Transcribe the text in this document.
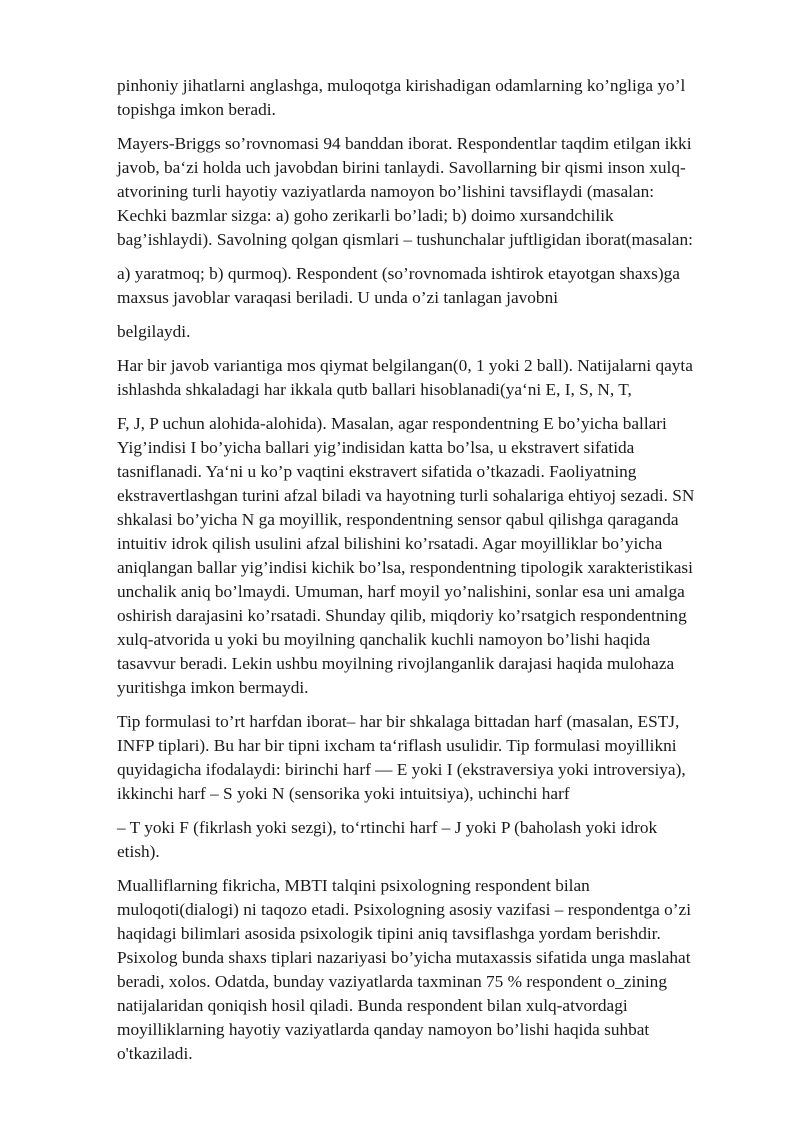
pinhoniy jihatlarni anglashga, muloqotga kirishadigan odamlarning ko’ngliga yo’l
topishga imkon beradi.

Mayers-Briggs so’rovnomasi 94 banddan iborat. Respondentlar taqdim etilgan ikki
javob, ba‘zi holda uch javobdan birini tanlaydi. Savollarning bir qismi inson xulq-
atvorining turli hayotiy vaziyatlarda namoyon bo’lishini tavsiflaydi (masalan:
Kechki bazmlar sizga: a) goho zerikarli bo’ladi; b) doimo xursandchilik
bag’ishlaydi). Savolning qolgan qismlari – tushunchalar juftligidan iborat(masalan:

a) yaratmoq; b) qurmoq). Respondent (so’rovnomada ishtirok etayotgan shaxs)ga
maxsus javoblar varaqasi beriladi. U unda o’zi tanlagan javobni

belgilaydi.

Har bir javob variantiga mos qiymat belgilangan(0, 1 yoki 2 ball). Natijalarni qayta
ishlashda shkaladagi har ikkala qutb ballari hisoblanadi(ya‘ni E, I, S, N, T,

F, J, P uchun alohida-alohida). Masalan, agar respondentning E bo’yicha ballari
Yig’indisi I bo’yicha ballari yig’indisidan katta bo’lsa, u ekstravert sifatida
tasniflanadi. Ya‘ni u ko’p vaqtini ekstravert sifatida o’tkazadi. Faoliyatning
ekstravertlashgan turini afzal biladi va hayotning turli sohalariga ehtiyoj sezadi. SN
shkalasi bo’yicha N ga moyillik, respondentning sensor qabul qilishga qaraganda
intuitiv idrok qilish usulini afzal bilishini ko’rsatadi. Agar moyilliklar bo’yicha
aniqlangan ballar yig’indisi kichik bo’lsa, respondentning tipologik xarakteristikasi
unchalik aniq bo’lmaydi. Umuman, harf moyil yo’nalishini, sonlar esa uni amalga
oshirish darajasini ko’rsatadi. Shunday qilib, miqdoriy ko’rsatgich respondentning
xulq-atvorida u yoki bu moyilning qanchalik kuchli namoyon bo’lishi haqida
tasavvur beradi. Lekin ushbu moyilning rivojlanganlik darajasi haqida mulohaza
yuritishga imkon bermaydi.

Tip formulasi to’rt harfdan iborat– har bir shkalaga bittadan harf (masalan, ESTJ,
INFP tiplari). Bu har bir tipni ixcham ta‘riflash usulidir. Tip formulasi moyillikni
quyidagicha ifodalaydi: birinchi harf — E yoki I (ekstraversiya yoki introversiya),
ikkinchi harf – S yoki N (sensorika yoki intuitsiya), uchinchi harf

– T yoki F (fikrlash yoki sezgi), to‘rtinchi harf – J yoki P (baholash yoki idrok
etish).

Mualliflarning fikricha, MBTI talqini psixologning respondent bilan
muloqoti(dialogi) ni taqozo etadi. Psixologning asosiy vazifasi – respondentga o’zi
haqidagi bilimlari asosida psixologik tipini aniq tavsiflashga yordam berishdir.
Psixolog bunda shaxs tiplari nazariyasi bo’yicha mutaxassis sifatida unga maslahat
beradi, xolos. Odatda, bunday vaziyatlarda taxminan 75 % respondent o_zining
natijalaridan qoniqish hosil qiladi. Bunda respondent bilan xulq-atvordagi
moyilliklarning hayotiy vaziyatlarda qanday namoyon bo’lishi haqida suhbat
o'tkaziladi.
